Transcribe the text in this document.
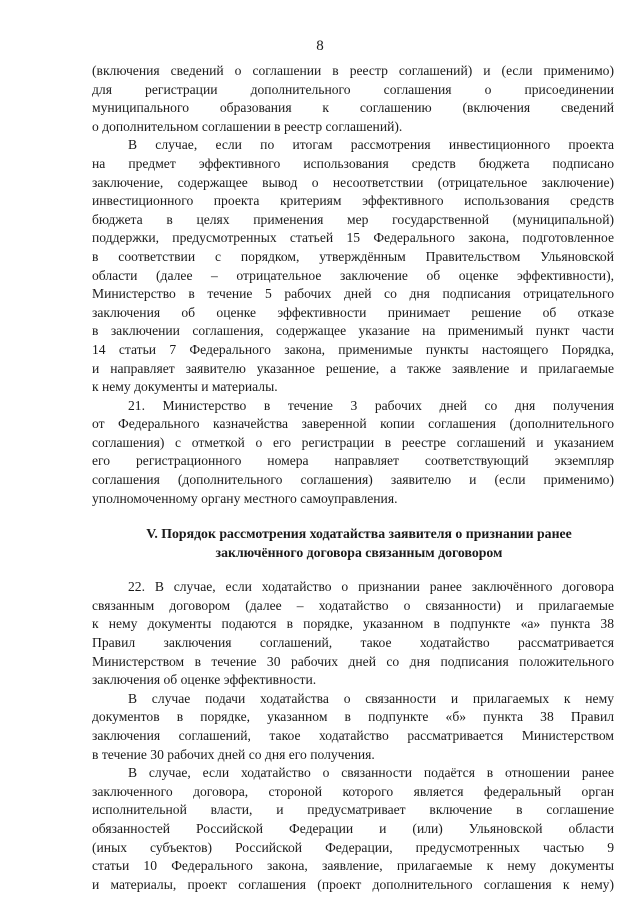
8
(включения сведений о соглашении в реестр соглашений) и (если применимо)
для регистрации дополнительного соглашения о присоединении
муниципального образования к соглашению (включения сведений
о дополнительном соглашении в реестр соглашений).
В случае, если по итогам рассмотрения инвестиционного проекта
на предмет эффективного использования средств бюджета подписано
заключение, содержащее вывод о несоответствии (отрицательное заключение)
инвестиционного проекта критериям эффективного использования средств
бюджета в целях применения мер государственной (муниципальной)
поддержки, предусмотренных статьей 15 Федерального закона, подготовленное
в соответствии с порядком, утверждённым Правительством Ульяновской
области (далее – отрицательное заключение об оценке эффективности),
Министерство в течение 5 рабочих дней со дня подписания отрицательного
заключения об оценке эффективности принимает решение об отказе
в заключении соглашения, содержащее указание на применимый пункт части
14 статьи 7 Федерального закона, применимые пункты настоящего Порядка,
и направляет заявителю указанное решение, а также заявление и прилагаемые
к нему документы и материалы.
21. Министерство в течение 3 рабочих дней со дня получения
от Федерального казначейства заверенной копии соглашения (дополнительного
соглашения) с отметкой о его регистрации в реестре соглашений и указанием
его регистрационного номера направляет соответствующий экземпляр
соглашения (дополнительного соглашения) заявителю и (если применимо)
уполномоченному органу местного самоуправления.
V. Порядок рассмотрения ходатайства заявителя о признании ранее
заключённого договора связанным договором
22. В случае, если ходатайство о признании ранее заключённого договора
связанным договором (далее – ходатайство о связанности) и прилагаемые
к нему документы подаются в порядке, указанном в подпункте «а» пункта 38
Правил заключения соглашений, такое ходатайство рассматривается
Министерством в течение 30 рабочих дней со дня подписания положительного
заключения об оценке эффективности.
В случае подачи ходатайства о связанности и прилагаемых к нему
документов в порядке, указанном в подпункте «б» пункта 38 Правил
заключения соглашений, такое ходатайство рассматривается Министерством
в течение 30 рабочих дней со дня его получения.
В случае, если ходатайство о связанности подаётся в отношении ранее
заключенного договора, стороной которого является федеральный орган
исполнительной власти, и предусматривает включение в соглашение
обязанностей Российской Федерации и (или) Ульяновской области
(иных субъектов) Российской Федерации, предусмотренных частью 9
статьи 10 Федерального закона, заявление, прилагаемые к нему документы
и материалы, проект соглашения (проект дополнительного соглашения к нему)
